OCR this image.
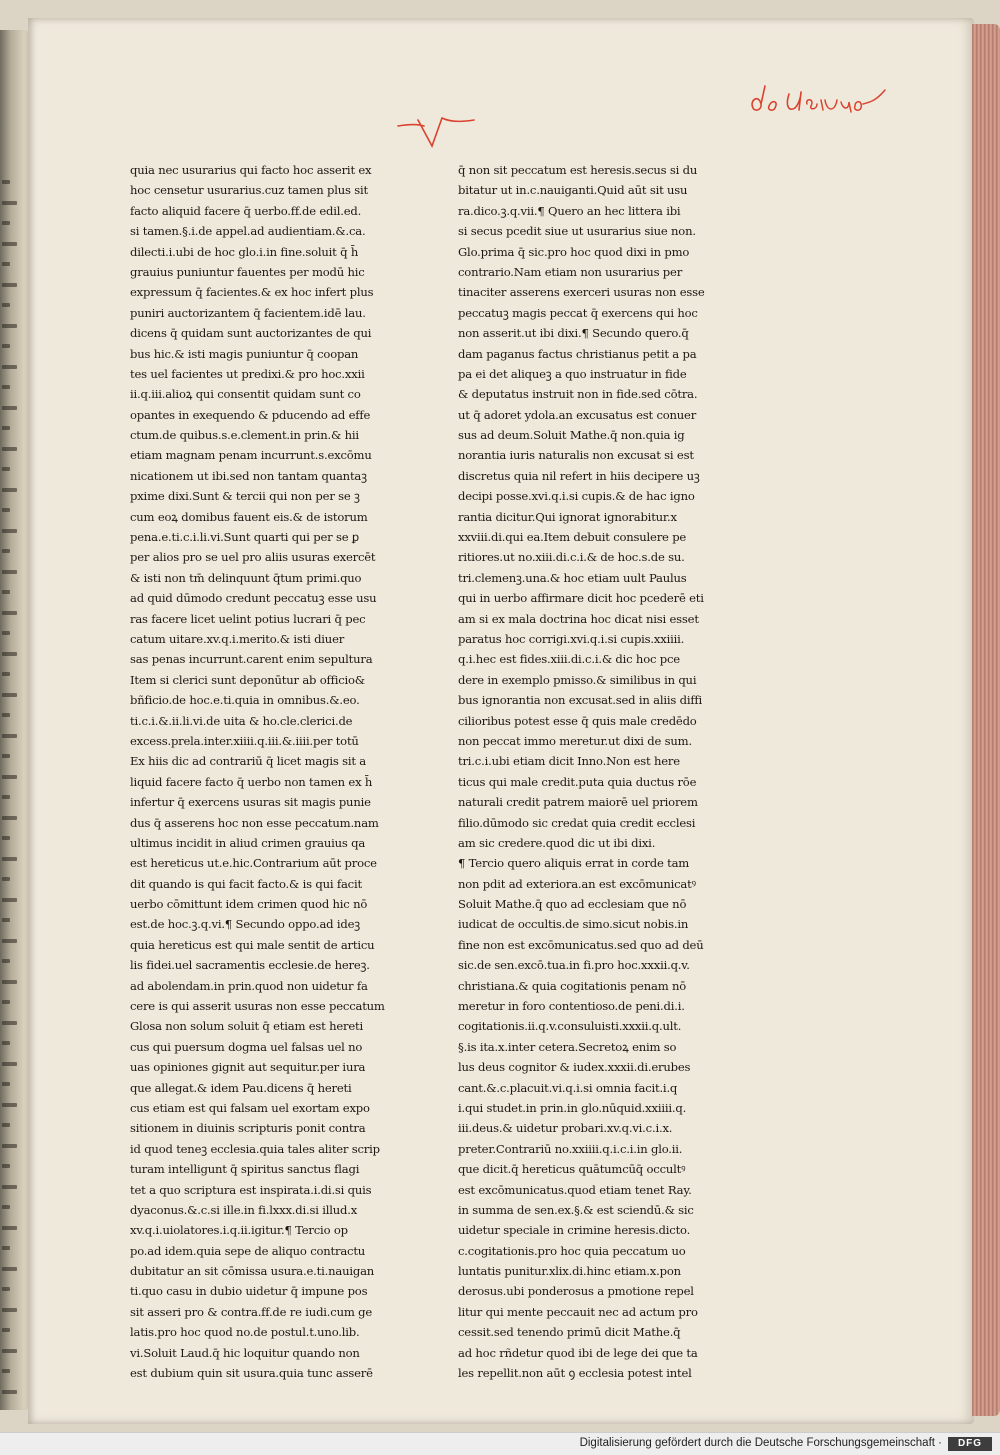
quia nec usurarius qui facto hoc asserit ex
hoc censetur usurarius.cuz tamen plus sit
facto aliquid facere q̄ uerbo.ff.de edil.ed.
si tamen.§.i.de appel.ad audientiam.&.ca.
dilecti.i.ubi de hoc glo.i.in fine.soluit q̄ h̄
grauius puniuntur fauentes per modū hic
expressum q̄ facientes.& ex hoc infert plus
puniri auctorizantem q̄ facientem.idē lau.
dicens q̄ quidam sunt auctorizantes de qui
bus hic.& isti magis puniuntur q̄ coopan
tes uel facientes ut predixi.& pro hoc.xxii
ii.q.iii.alioꝝ qui consentit quidam sunt co
opantes in exequendo & pducendo ad effe
ctum.de quibus.s.e.clement.in prin.& hii
etiam magnam penam incurrunt.s.excōmu
nicationem ut ibi.sed non tantam quantaꝫ
pxime dixi.Sunt & tercii qui non per se ꝫ
cum eoꝝ domibus fauent eis.& de istorum
pena.e.ti.c.i.li.vi.Sunt quarti qui per se ꝑ
per alios pro se uel pro aliis usuras exercēt
& isti non tm̄ delinquunt q̄tum primi.quo
ad quid dūmodo credunt peccatuꝫ esse usu
ras facere licet uelint potius lucrari q̄ pec
catum uitare.xv.q.i.merito.& isti diuer
sas penas incurrunt.carent enim sepultura
Item si clerici sunt deponūtur ab officio&
bñficio.de hoc.e.ti.quia in omnibus.&.eo.
ti.c.i.&.ii.li.vi.de uita & ho.cle.clerici.de
excess.prela.inter.xiiii.q.iii.&.iiii.per totū
Ex hiis dic ad contrariū q̄ licet magis sit a
liquid facere facto q̄ uerbo non tamen ex h̄
infertur q̄ exercens usuras sit magis punie
dus q̄ asserens hoc non esse peccatum.nam
ultimus incidit in aliud crimen grauius qa
est hereticus ut.e.hic.Contrarium aūt proce
dit quando is qui facit facto.& is qui facit
uerbo cōmittunt idem crimen quod hic nō
est.de hoc.ꝫ.q.vi.¶ Secundo oppo.ad ideꝫ
quia hereticus est qui male sentit de articu
lis fidei.uel sacramentis ecclesie.de hereꝫ.
ad abolendam.in prin.quod non uidetur fa
cere is qui asserit usuras non esse peccatum
Glosa non solum soluit q̄ etiam est hereti
cus qui puersum dogma uel falsas uel no
uas opiniones gignit aut sequitur.per iura
que allegat.& idem Pau.dicens q̄ hereti
cus etiam est qui falsam uel exortam expo
sitionem in diuinis scripturis ponit contra
id quod teneꝫ ecclesia.quia tales aliter scrip
turam intelligunt q̄ spiritus sanctus flagi
tet a quo scriptura est inspirata.i.di.si quis
dyaconus.&.c.si ille.in fi.lxxx.di.si illud.x
xv.q.i.uiolatores.i.q.ii.igitur.¶ Tercio op
po.ad idem.quia sepe de aliquo contractu
dubitatur an sit cōmissa usura.e.ti.nauigan
ti.quo casu in dubio uidetur q̄ impune pos
sit asseri pro & contra.ff.de re iudi.cum ge
latis.pro hoc quod no.de postul.t.uno.lib.
vi.Soluit Laud.q̄ hic loquitur quando non
est dubium quin sit usura.quia tunc asserē
q̄ non sit peccatum est heresis.secus si du
bitatur ut in.c.nauiganti.Quid aūt sit usu
ra.dico.ꝫ.q.vii.¶ Quero an hec littera ibi
si secus pcedit siue ut usurarius siue non.
Glo.prima q̄ sic.pro hoc quod dixi in pmo
contrario.Nam etiam non usurarius per
tinaciter asserens exerceri usuras non esse
peccatuꝫ magis peccat q̄ exercens qui hoc
non asserit.ut ibi dixi.¶ Secundo quero.q̄
dam paganus factus christianus petit a pa
pa ei det aliqueꝫ a quo instruatur in fide
& deputatus instruit non in fide.sed cōtra.
ut q̄ adoret ydola.an excusatus est conuer
sus ad deum.Soluit Mathe.q̄ non.quia ig
norantia iuris naturalis non excusat si est
discretus quia nil refert in hiis decipere uꝫ
decipi posse.xvi.q.i.si cupis.& de hac igno
rantia dicitur.Qui ignorat ignorabitur.x
xxviii.di.qui ea.Item debuit consulere pe
ritiores.ut no.xiii.di.c.i.& de hoc.s.de su.
tri.clemenꝫ.una.& hoc etiam uult Paulus
qui in uerbo affirmare dicit hoc pcederē eti
am si ex mala doctrina hoc dicat nisi esset
paratus hoc corrigi.xvi.q.i.si cupis.xxiiii.
q.i.hec est fides.xiii.di.c.i.& dic hoc pce
dere in exemplo pmisso.& similibus in qui
bus ignorantia non excusat.sed in aliis diffi
cilioribus potest esse q̄ quis male credēdo
non peccat immo meretur.ut dixi de sum.
tri.c.i.ubi etiam dicit Inno.Non est here
ticus qui male credit.puta quia ductus rōe
naturali credit patrem maiorē uel priorem
filio.dūmodo sic credat quia credit ecclesi
am sic credere.quod dic ut ibi dixi.
¶ Tercio quero aliquis errat in corde tam
non pdit ad exteriora.an est excōmunicatꝰ
Soluit Mathe.q̄ quo ad ecclesiam que nō
iudicat de occultis.de simo.sicut nobis.in
fine non est excōmunicatus.sed quo ad deū
sic.de sen.excō.tua.in fi.pro hoc.xxxii.q.v.
christiana.& quia cogitationis penam nō
meretur in foro contentioso.de peni.di.i.
cogitationis.ii.q.v.consuluisti.xxxii.q.ult.
§.is ita.x.inter cetera.Secretoꝝ enim so
lus deus cognitor & iudex.xxxii.di.erubes
cant.&.c.placuit.vi.q.i.si omnia facit.i.q
i.qui studet.in prin.in glo.nūquid.xxiiii.q.
iii.deus.& uidetur probari.xv.q.vi.c.i.x.
preter.Contrariū no.xxiiii.q.i.c.i.in glo.ii.
que dicit.q̄ hereticus quātumcūq̄ occultꝰ
est excōmunicatus.quod etiam tenet Ray.
in summa de sen.ex.§.& est sciendū.& sic
uidetur speciale in crimine heresis.dicto.
c.cogitationis.pro hoc quia peccatum uo
luntatis punitur.xlix.di.hinc etiam.x.pon
derosus.ubi ponderosus a pmotione repel
litur qui mente peccauit nec ad actum pro
cessit.sed tenendo primū dicit Mathe.q̄
ad hoc rñdetur quod ibi de lege dei que ta
les repellit.non aūt ꝯ ecclesia potest intel
Digitalisierung gefördert durch die Deutsche Forschungsgemeinschaft ·	DFG
